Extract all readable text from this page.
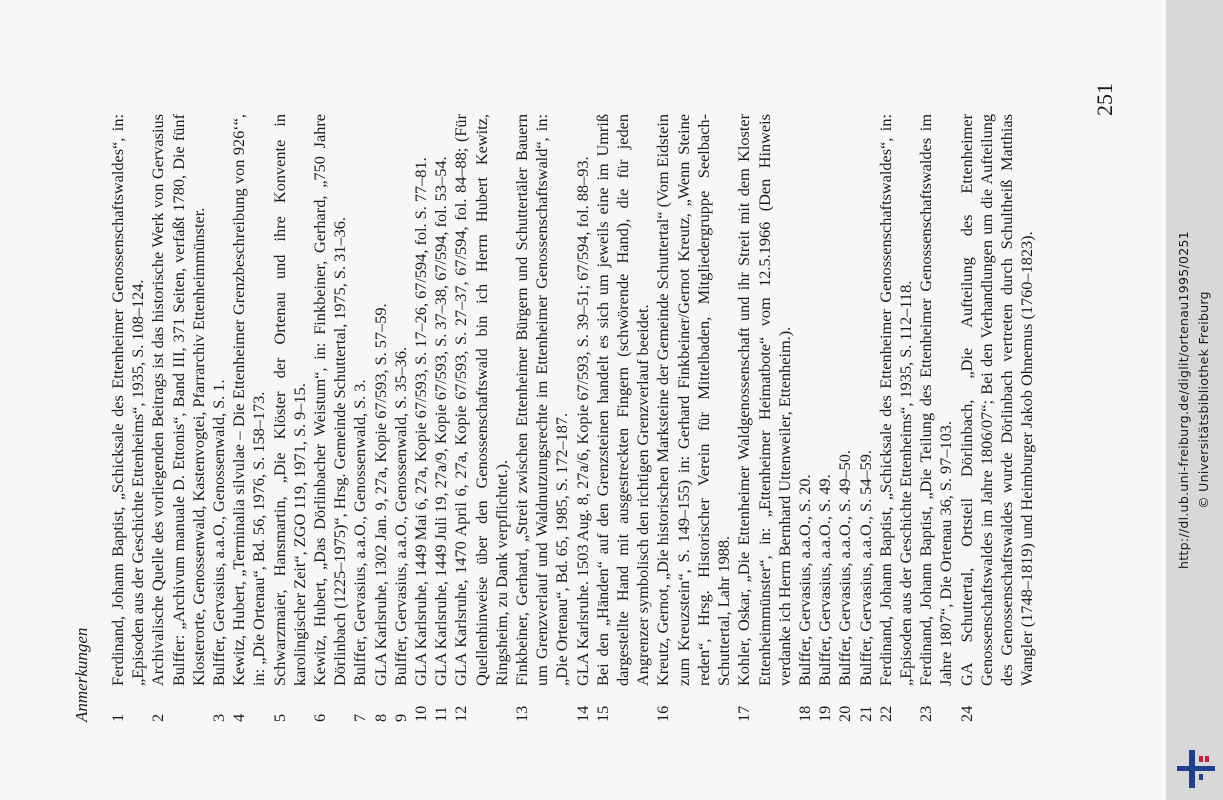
Anmerkungen 1
Ferdinand, Johann Baptist, „Schicksale des Ettenheimer Genossenschaftswaldes“, in: „Episoden aus der Geschichte Ettenheims“, 1935, S. 108–124.
2
Archivalische Quelle des vorliegenden Beitrags ist das historische Werk von Gervasius Bulffer: „Archivum manuale D. Ettonis“, Band III, 371 Seiten, verfaßt 1780, Die fünf Klosterorte, Genossenwald, Kastenvogtei, Pfarrarchiv Ettenheimmünster.
3
Bulffer, Gervasius, a.a.O., Genossenwald, S. 1.
4
Kewitz, Hubert, „Terminalia silvulae – Die Ettenheimer Grenzbeschreibung von 926‘“, in: „Die Ortenau“, Bd. 56, 1976, S. 158–173.
5
Schwarzmaier, Hansmartin, „Die Klöster der Ortenau und ihre Konvente in karolingischer Zeit“, ZGO 119, 1971, S. 9–15.
6
Kewitz, Hubert, „Das Dörlinbacher Weistum“, in: Finkbeiner, Gerhard, „750 Jahre Dörlinbach (1225–1975)“, Hrsg. Gemeinde Schuttertal, 1975, S. 31–36.
7
Bulffer, Gervasius, a.a.O., Genossenwald, S. 3.
8
GLA Karlsruhe, 1302 Jan. 9, 27a, Kopie 67/593, S. 57–59.
9
Bulffer, Gervasius, a.a.O., Genossenwald, S. 35–36.
10
GLA Karlsruhe, 1449 Mai 6, 27a, Kopie 67/593, S. 17–26, 67/594, fol. S. 77–81.
11
GLA Karlsruhe, 1449 Juli 19, 27a/9, Kopie 67/593, S. 37–38, 67/594, fol. 53–54.
12
GLA Karlsruhe, 1470 April 6, 27a, Kopie 67/593, S. 27–37, 67/594, fol. 84–88; (Für Quellenhinweise über den Genossenschaftswald bin ich Herrn Hubert Kewitz, Ringsheim, zu Dank verpflichtet.).
13
Finkbeiner, Gerhard, „Streit zwischen Ettenheimer Bürgern und Schuttertäler Bauern um Grenzverlauf und Waldnutzungsrechte im Ettenheimer Genossenschaftswald“, in: „Die Ortenau“, Bd. 65, 1985, S. 172–187.
14
GLA Karlsruhe. 1503 Aug. 8, 27a/6, Kopie 67/593, S. 39–51; 67/594, fol. 88–93.
15
Bei den „Händen“ auf den Grenzsteinen handelt es sich um jeweils eine im Umriß dargestellte Hand mit ausgestreckten Fingern (schwörende Hand), die für jeden Angrenzer symbolisch den richtigen Grenzverlauf beeidet.
16
Kreutz, Gernot, „Die historischen Marksteine der Gemeinde Schuttertal“ (Vom Eidstein zum Kreuzstein“, S. 149–155) in: Gerhard Finkbeiner/Gernot Kreutz, „Wenn Steine reden“, Hrsg. Historischer Verein für Mittelbaden, Mitgliedergruppe Seelbach-Schuttertal, Lahr 1988.
17
Kohler, Oskar, „Die Ettenheimer Waldgenossenschaft und ihr Streit mit dem Kloster Ettenheimmünster“, in: „Ettenheimer Heimatbote“ vom 12.5.1966 (Den Hinweis verdanke ich Herrn Bernhard Uttenweiler, Ettenheim.).
18
Bulffer, Gervasius, a.a.O., S. 20.
19
Bulffer, Gervasius, a.a.O., S. 49.
20
Bulffer, Gervasius, a.a.O., S. 49–50.
21
Bulffer, Gervasius, a.a.O., S. 54–59.
22
Ferdinand, Johann Baptist, „Schicksale des Ettenheimer Genossenschaftswaldes“, in: „Episoden aus der Geschichte Ettenheims“, 1935, S. 112–118.
23
Ferdinand, Johann Baptist, „Die Teilung des Ettenheimer Genossenschaftswaldes im Jahre 1807“, Die Ortenau 36, S. 97–103.
24
GA Schuttertal, Ortsteil Dörlinbach, „Die Aufteilung des Ettenheimer Genossenschaftswaldes im Jahre 1806/07“; Bei den Verhandlungen um die Aufteilung des Genossenschaftswaldes wurde Dörlinbach vertreten durch Schultheiß Matthias Wangler (1748–1819) und Heimburger Jakob Ohnemus (1760–1823).
251
http://dl.ub.uni-freiburg.de/diglit/ortenau1995/0251 © Universitätsbibliothek Freiburg
